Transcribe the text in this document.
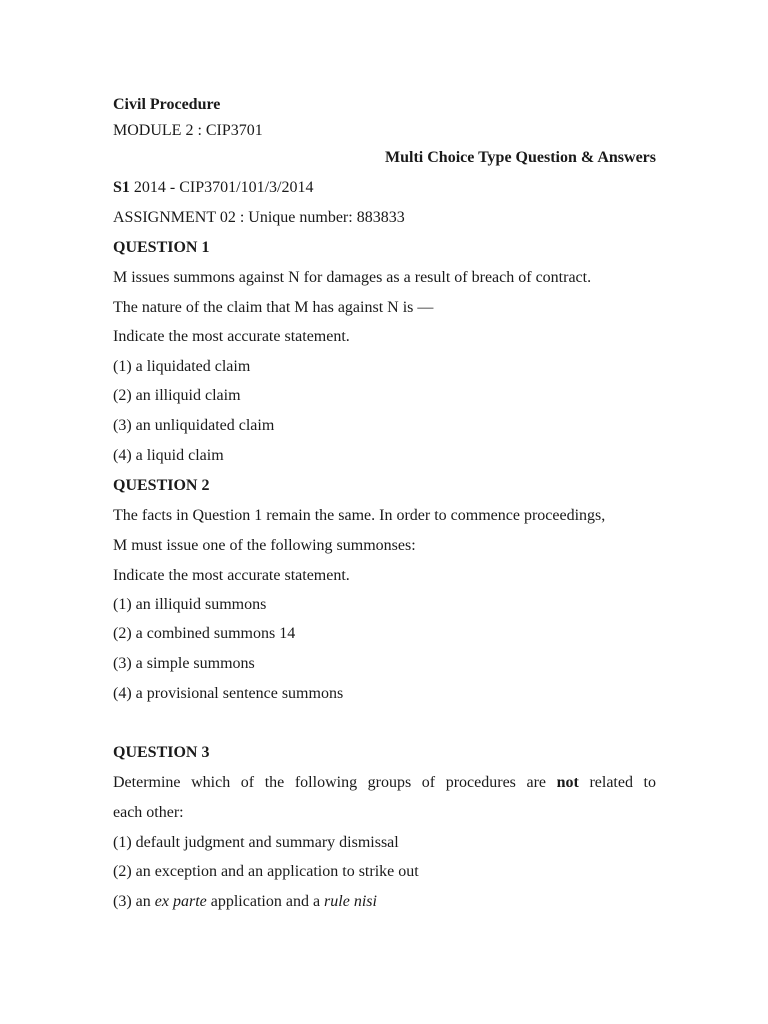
Civil Procedure
MODULE 2 : CIP3701
Multi Choice Type Question & Answers
S1 2014 - CIP3701/101/3/2014
ASSIGNMENT 02 : Unique number: 883833
QUESTION 1
M issues summons against N for damages as a result of breach of contract.
The nature of the claim that M has against N is —
Indicate the most accurate statement.
(1) a liquidated claim
(2) an illiquid claim
(3) an unliquidated claim
(4) a liquid claim
QUESTION 2
The facts in Question 1 remain the same. In order to commence proceedings,
M must issue one of the following summonses:
Indicate the most accurate statement.
(1) an illiquid summons
(2) a combined summons 14
(3) a simple summons
(4) a provisional sentence summons
QUESTION 3
Determine which of the following groups of procedures are not related to
each other:
(1) default judgment and summary dismissal
(2) an exception and an application to strike out
(3) an ex parte application and a rule nisi
